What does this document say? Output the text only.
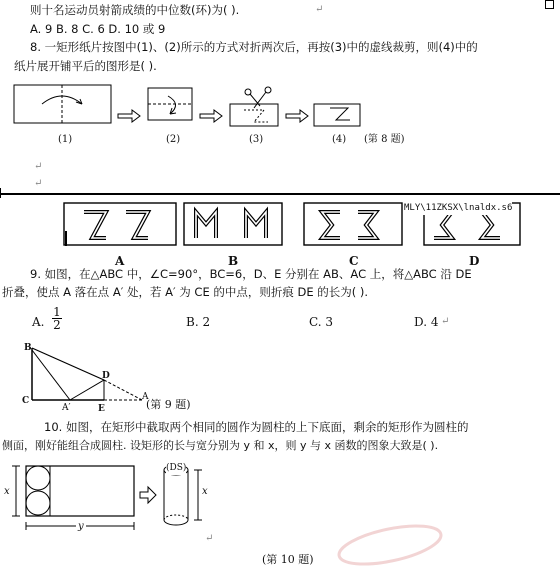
则十名运动员射箭成绩的中位数(环)为( ).	↵
A. 9 B. 8 C. 6 D. 10 或 9
8. 一矩形纸片按图中(1)、(2)所示的方式对折两次后，再按(3)中的虚线裁剪，则(4)中的
纸片展开铺平后的图形是( ).
(1)	(2)	(3)	(4) (第 8 题)
↵
↵
MLY\11ZKSX\lnaldx.s6
A	B	C	D
9. 如图，在△ABC 中，∠C=90°，BC=6，D、E 分别在 AB、AC 上，将△ABC 沿 DE
折叠，使点 A 落在点 A′ 处，若 A′ 为 CE 的中点，则折痕 DE 的长为( ).
A. $\frac{1}{2}$	B. 2	C. 3	D. 4 ↵
B
C
D
E
A
A′	(第 9 题)
10. 如图，在矩形中截取两个相同的圆作为圆柱的上下底面，剩余的矩形作为圆柱的
侧面，刚好能组合成圆柱. 设矩形的长与宽分别为 y 和 x，则 y 与 x 函数的图象大致是( ).
x
y
x
(DS)
↵
(第 10 题)
